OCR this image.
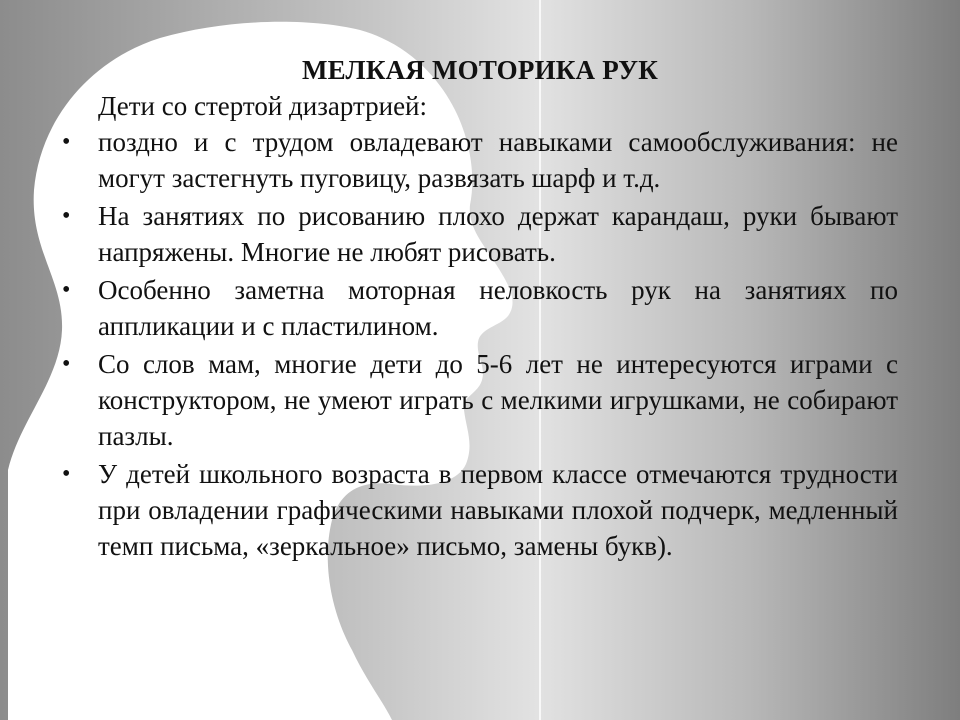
МЕЛКАЯ МОТОРИКА РУК
Дети со стертой дизартрией:
•	поздно и с трудом овладевают навыками самообслуживания: не могут застегнуть пуговицу, развязать шарф и т.д.
•	На занятиях по рисованию плохо держат карандаш, руки бывают напряжены. Многие не любят рисовать.
•	Особенно заметна моторная неловкость рук на занятиях по аппликации и с пластилином.
•	Со слов мам, многие дети до 5-6 лет не интересуются играми с конструктором, не умеют играть с мелкими игрушками, не собирают пазлы.
•	У детей школьного возраста в первом классе отмечаются трудности при овладении графическими навыками плохой подчерк, медленный темп письма, «зеркальное» письмо, замены букв).
